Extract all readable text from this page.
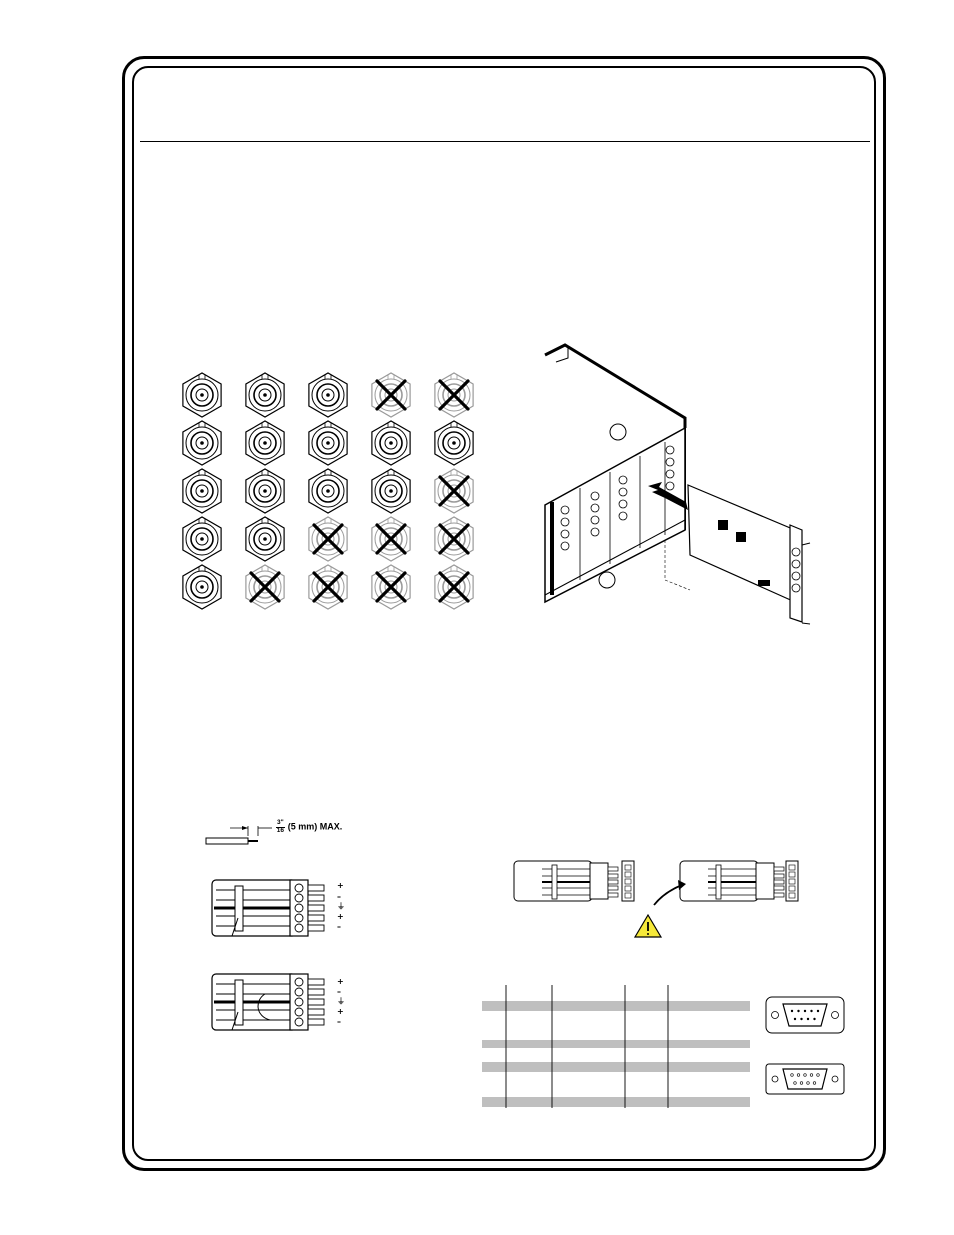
$\frac{3"}{16} (5$ mm) MAX.
+
–
⏚
+
–
+
–
⏚
+
–
